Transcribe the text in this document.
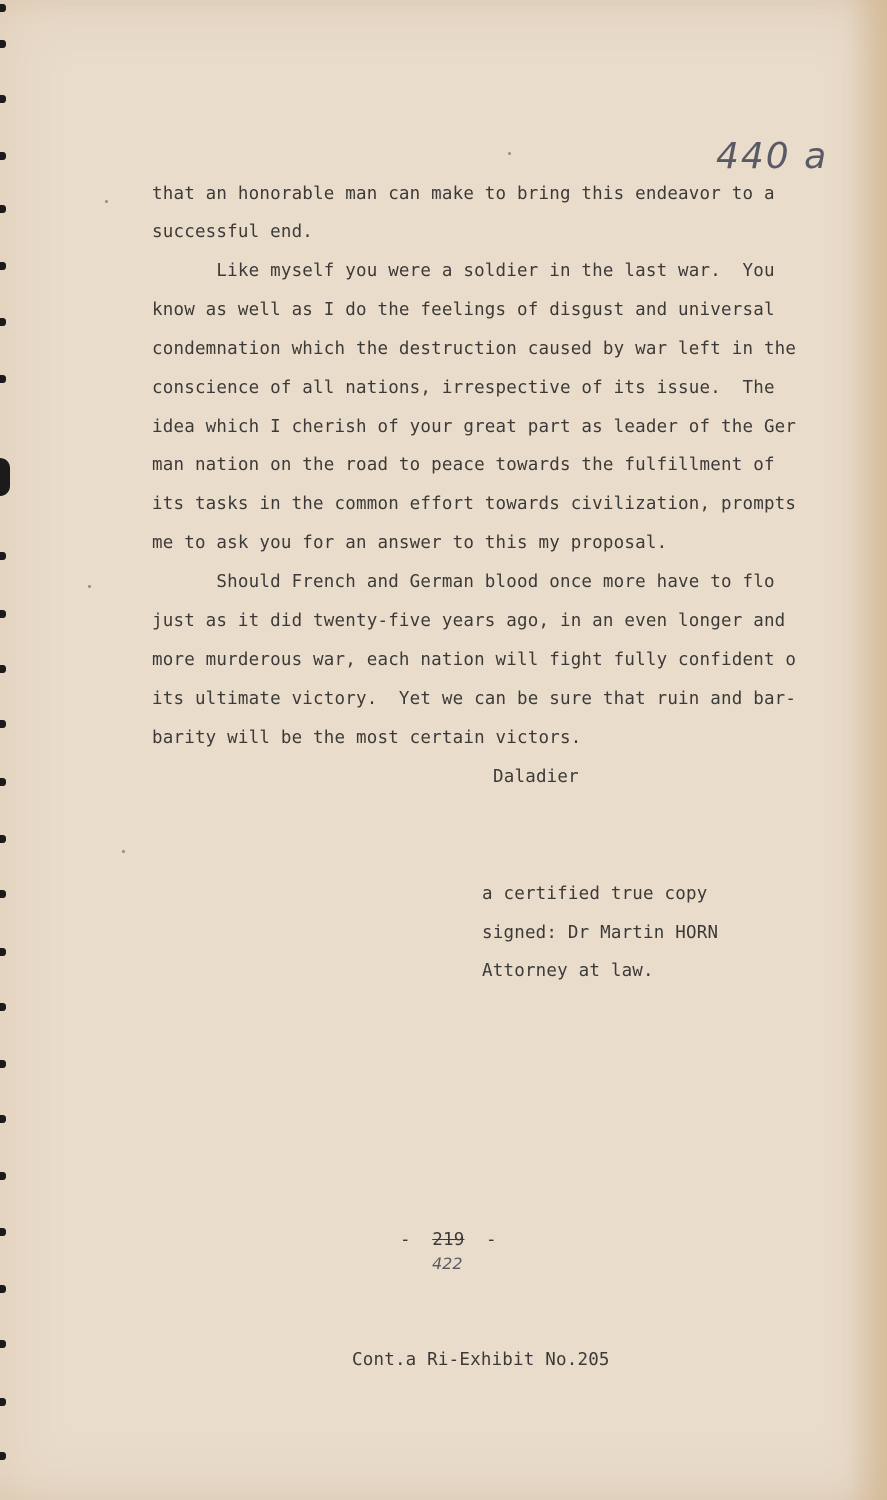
440 a
that an honorable man can make to bring this endeavor to a
successful end.
Like myself you were a soldier in the last war.  You
know as well as I do the feelings of disgust and universal
condemnation which the destruction caused by war left in the
conscience of all nations, irrespective of its issue.  The
idea which I cherish of your great part as leader of the Ger
man nation on the road to peace towards the fulfillment of
its tasks in the common effort towards civilization, prompts
me to ask you for an answer to this my proposal.
Should French and German blood once more have to flo
just as it did twenty-five years ago, in an even longer and
more murderous war, each nation will fight fully confident o
its ultimate victory.  Yet we can be sure that ruin and bar-
barity will be the most certain victors.
Daladier
a certified true copy
signed: Dr Martin HORN
Attorney at law.
- 219 -
422
Cont.a Ri-Exhibit No.205
